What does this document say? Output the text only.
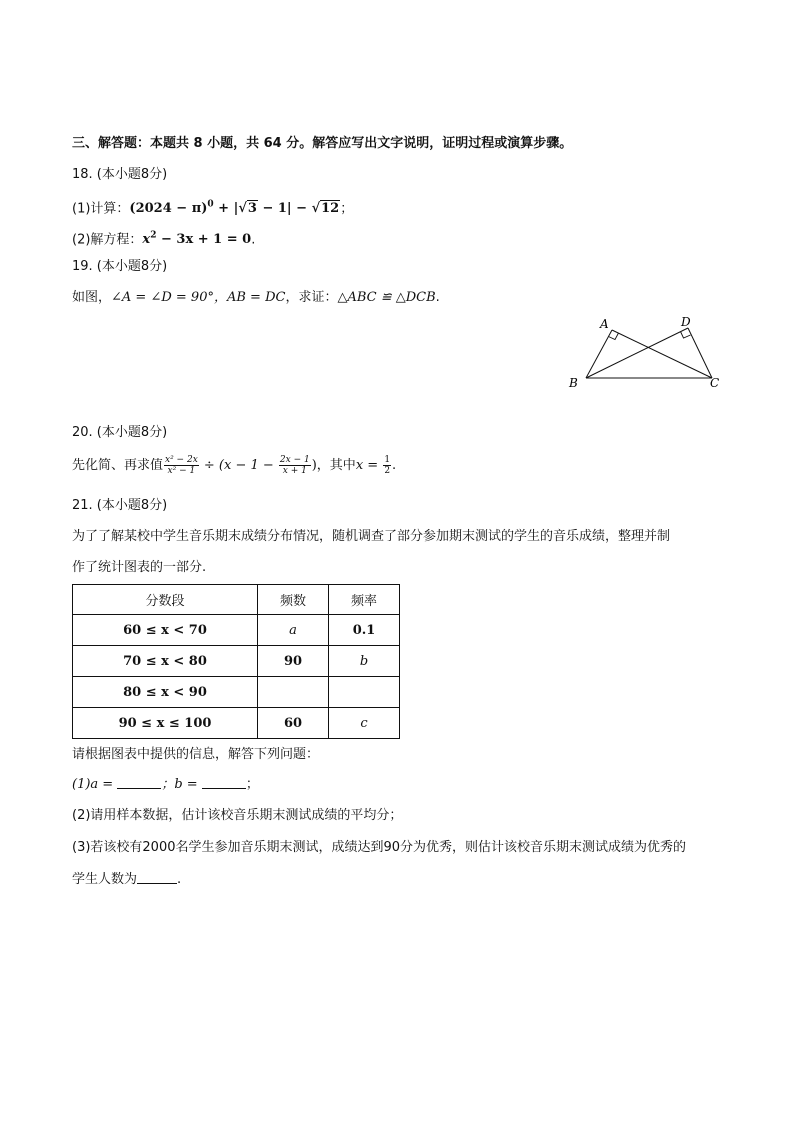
三、解答题：本题共 8 小题，共 64 分。解答应写出文字说明，证明过程或演算步骤。
18. (本小题8分)
(1)计算：$(2024 - \pi)^0 + |√3 - 1| - √12$；
(2)解方程：$x^2 - 3x + 1 = 0$.
19. (本小题8分)
如图，∠A = ∠D = 90°，AB = DC，求证：△ABC ≌ △DCB.
A	D
B	C
20. (本小题8分)
先化简、再求值 $\frac{\text{x² − 2x}}{\text{x² − 1}} \div (x - 1 - \frac{2x - 1}{x + 1}$ )，其中$x = \frac{1}{2}$ .
21. (本小题8分)
为了了解某校中学生音乐期末成绩分布情况，随机调查了部分参加期末测试的学生的音乐成绩，整理并制
作了统计图表的一部分.
分数段	频数	频率
60 ≤ x < 70	a	0.1
70 ≤ x < 80	90	b
80 ≤ x < 90		
90 ≤ x ≤ 100	60	c
请根据图表中提供的信息，解答下列问题：
(1)a =	；b =	；
(2)请用样本数据，估计该校音乐期末测试成绩的平均分；
(3)若该校有2000名学生参加音乐期末测试，成绩达到90分为优秀，则估计该校音乐期末测试成绩为优秀的
学生人数为	.
